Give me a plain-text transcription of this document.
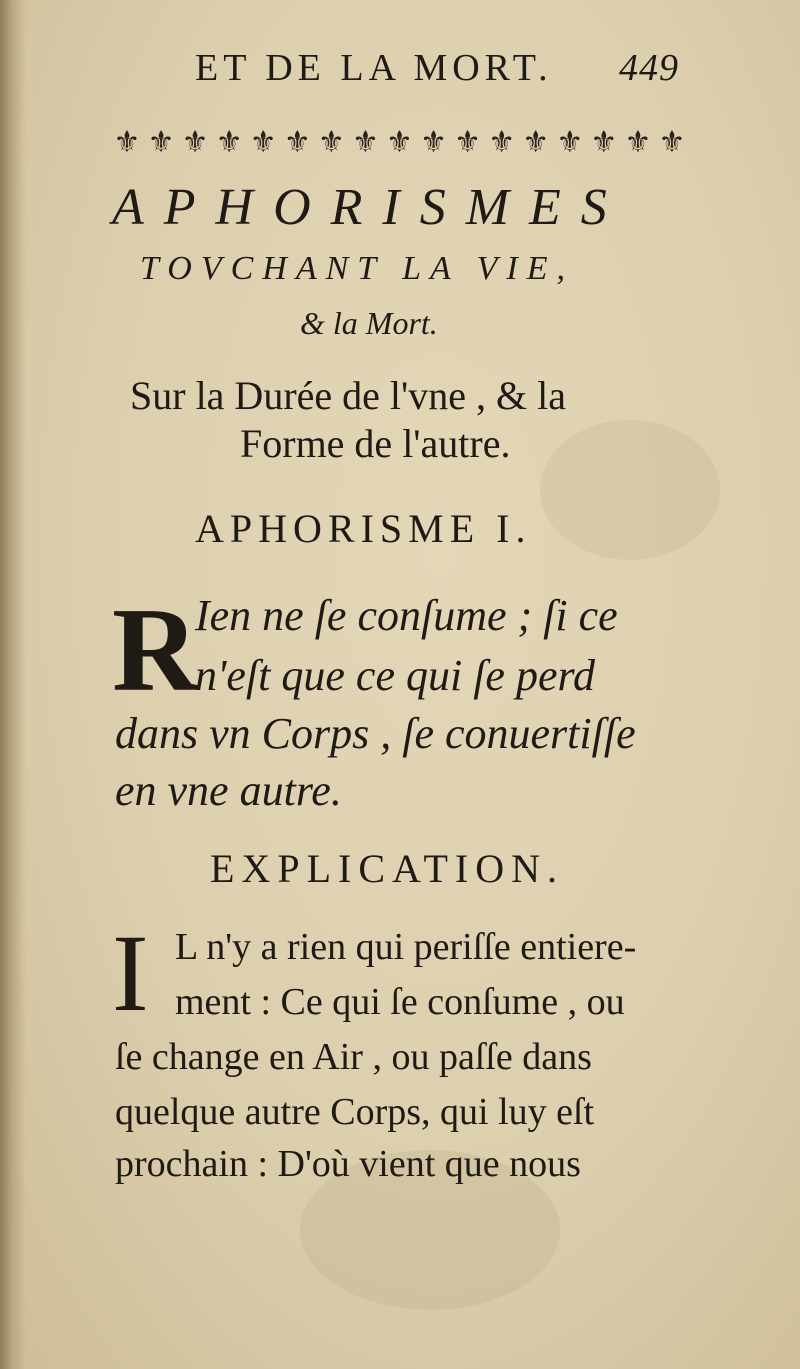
ET DE LA MORT. 449
⚜ ⚜ ⚜ ⚜ ⚜ ⚜ ⚜ ⚜ ⚜ ⚜ ⚜ ⚜ ⚜ ⚜ ⚜ ⚜ ⚜
APHORISMES
TOVCHANT LA VIE,
& la Mort.
Sur la Durée de l'vne , & la
Forme de l'autre.
APHORISME I.
R
Ien ne ſe conſume ; ſi ce
n'eſt que ce qui ſe perd
dans vn Corps , ſe conuertiſſe
en vne autre.
EXPLICATION.
I L n'y a rien qui periſſe entiere-
ment : Ce qui ſe conſume , ou
ſe change en Air , ou paſſe dans
quelque autre Corps, qui luy eſt
prochain : D'où vient que nous
